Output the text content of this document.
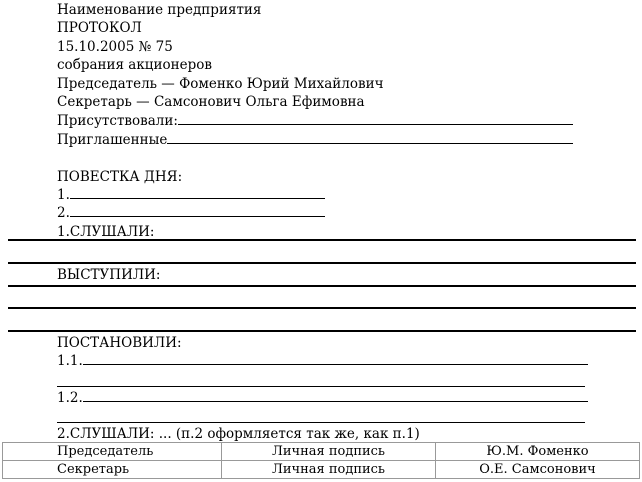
Наименование предприятия
ПРОТОКОЛ
15.10.2005 № 75
собрания акционеров
Председатель — Фоменко Юрий Михайлович
Секретарь — Самсонович Ольга Ефимовна
Присутствовали:
Приглашенные
ПОВЕСТКА ДНЯ:
1.
2.
1.СЛУШАЛИ:
ВЫСТУПИЛИ:
ПОСТАНОВИЛИ:
1.1.
1.2.
2.СЛУШАЛИ: ... (п.2 оформляется так же, как п.1)
Председатель	Личная подпись	Ю.М. Фоменко
Секретарь	Личная подпись	О.Е. Самсонович
